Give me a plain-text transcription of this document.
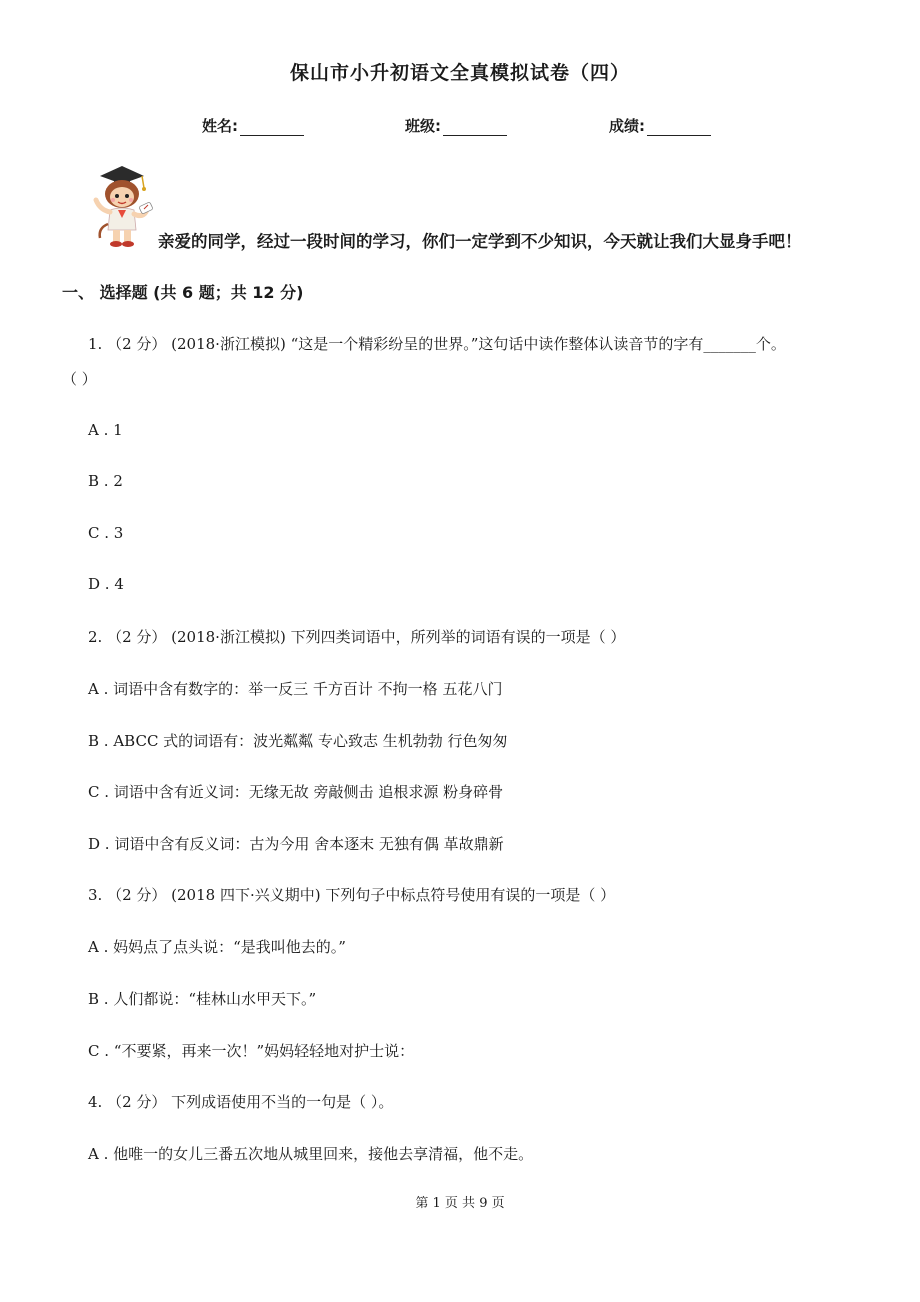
保山市小升初语文全真模拟试卷（四）
姓名:	班级:	成绩:
亲爱的同学，经过一段时间的学习，你们一定学到不少知识，今天就让我们大显身手吧！
一、 选择题 (共 6 题；共 12 分)
1. （2 分） (2018·浙江模拟) “这是一个精彩纷呈的世界。”这句话中读作整体认读音节的字有_______个。
（ ）
A . 1
B . 2
C . 3
D . 4
2. （2 分） (2018·浙江模拟) 下列四类词语中，所列举的词语有误的一项是（ ）
A . 词语中含有数字的：举一反三 千方百计 不拘一格 五花八门
B . ABCC 式的词语有：波光粼粼 专心致志 生机勃勃 行色匆匆
C . 词语中含有近义词：无缘无故 旁敲侧击 追根求源 粉身碎骨
D . 词语中含有反义词：古为今用 舍本逐末 无独有偶 革故鼎新
3. （2 分） (2018 四下·兴义期中) 下列句子中标点符号使用有误的一项是（ ）
A . 妈妈点了点头说：“是我叫他去的。”
B . 人们都说：“桂林山水甲天下。”
C . “不要紧，再来一次！”妈妈轻轻地对护士说：
4. （2 分） 下列成语使用不当的一句是（ ）。
A . 他唯一的女儿三番五次地从城里回来，接他去享清福，他不走。
第 1 页 共 9 页
